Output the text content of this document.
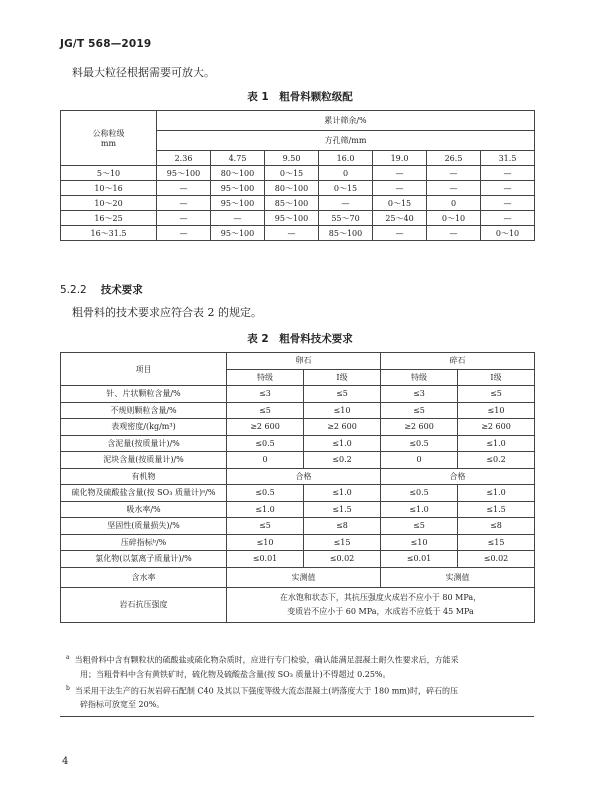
JG/T 568—2019
料最大粒径根据需要可放大。
表 1　粗骨料颗粒级配
公称粒级
mm	累计筛余/%						
	方孔筛/mm						
	2.36	4.75	9.50	16.0	19.0	26.5	31.5
5～10	95～100	80～100	0～15	0	—	—	—
10～16	—	95～100	80～100	0～15	—	—	—
10～20	—	95～100	85～100	—	0～15	0	—
16～25	—	—	95～100	55～70	25～40	0～10	—
16～31.5	—	95～100	—	85～100	—	—	0～10
5.2.2 技术要求
粗骨料的技术要求应符合表 2 的规定。
表 2　粗骨料技术要求
项目	卵石		碎石	
	特级	Ⅰ级	特级	Ⅰ级
针、片状颗粒含量/%	≤3	≤5	≤3	≤5
不规则颗粒含量/%	≤5	≤10	≤5	≤10
表观密度/(kg/m³)	≥2 600	≥2 600	≥2 600	≥2 600
含泥量(按质量计)/%	≤0.5	≤1.0	≤0.5	≤1.0
泥块含量(按质量计)/%	0	≤0.2	0	≤0.2
有机物	合格		合格	
硫化物及硫酸盐含量(按 SO₃ 质量计)ᵃ/%	≤0.5	≤1.0	≤0.5	≤1.0
吸水率/%	≤1.0	≤1.5	≤1.0	≤1.5
坚固性(质量损失)/%	≤5	≤8	≤5	≤8
压碎指标ᵇ/%	≤10	≤15	≤10	≤15
氯化物(以氯离子质量计)/%	≤0.01	≤0.02	≤0.01	≤0.02
含水率	实测值		实测值	
岩石抗压强度	在水饱和状态下，其抗压强度火成岩不应小于 80 MPa，
变质岩不应小于 60 MPa，水成岩不应低于 45 MPa			
$^a$ 当粗骨料中含有颗粒状的硫酸盐或硫化物杂质时，应进行专门检验，确认能满足混凝土耐久性要求后，方能采
用；当粗骨料中含有黄铁矿时，硫化物及硫酸盐含量(按 SO₃ 质量计)不得超过 0.25%。
$^b$ 当采用干法生产的石灰岩碎石配制 C40 及其以下强度等级大流态混凝土(坍落度大于 180 mm)时，碎石的压
碎指标可放宽至 20%。
4
